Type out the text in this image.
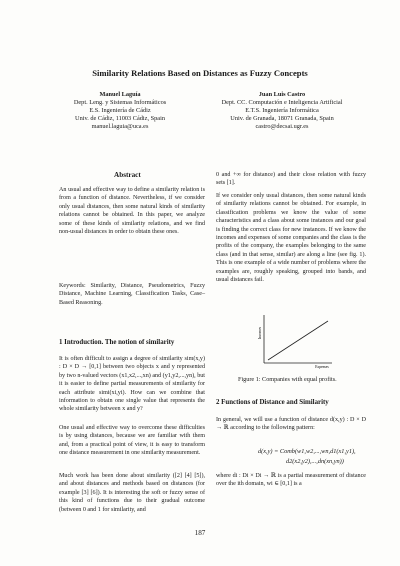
Similarity Relations Based on Distances as Fuzzy Concepts
Manuel Laguía
Dept. Leng. y Sistemas Informáticos
E.S. Ingeniería de Cádiz
Univ. de Cádiz, 11003 Cádiz, Spain
manuel.laguia@uca.es
Juan Luis Castro
Dept. CC. Computación e Inteligencia Artificial
E.T.S. Ingeniería Informática
Univ. de Granada, 18071 Granada, Spain
castro@decsai.ugr.es
Abstract
An usual and effective way to define a similarity relation is from a function of distance. Nevertheless, if we consider only usual distances, then some natural kinds of similarity relations cannot be obtained. In this paper, we analyze some of these kinds of similarity relations, and we find non-usual distances in order to obtain these ones.
Keywords: Similarity, Distance, Pseudometrics, Fuzzy Distance, Machine Learning, Classification Tasks, Case–Based Reasoning.
1 Introduction. The notion of similarity
It is often difficult to assign a degree of similarity sim(x,y) : D × D → [0,1] between two objects x and y represented by two n-valued vectors (x1,x2,...,xn) and (y1,y2,...,yn), but it is easier to define partial measurements of similarity for each attribute simi(xi,yi). How can we combine that information to obtain one single value that represents the whole similarity between x and y?
One usual and effective way to overcome these difficulties is by using distances, because we are familiar with them and, from a practical point of view, it is easy to transform one distance measurement in one similarity measurement.
Much work has been done about similarity ([2] [4] [5]), and about distances and methods based on distances (for example [3] [6]). It is interesting the soft or fuzzy sense of this kind of functions due to their gradual outcome (between 0 and 1 for similarity, and
0 and +∞ for distance) and their close relation with fuzzy sets [1].
If we consider only usual distances, then some natural kinds of similarity relations cannot be obtained. For example, in classification problems we know the value of some characteristics and a class about some instances and our goal is finding the correct class for new instances. If we know the incomes and expenses of some companies and the class is the profits of the company, the examples belonging to the same class (and in that sense, similar) are along a line (see fig. 1). This is one example of a wide number of problems where the examples are, roughly speaking, grouped into bands, and usual distances fail.
Incomes
Expenses
Figure 1: Companies with equal profits.
2 Functions of Distance and Similarity
In general, we will use a function of distance d(x,y) : D × D → ℝ according to the following pattern:
d(x,y) = Comb(w1,w2,...,wn,d1(x1,y1),
d2(x2,y2),...,dn(xn,yn))
where di : Di × Di → ℝ is a partial measurement of distance over the ith domain, wi ∈ [0,1] is a
187
